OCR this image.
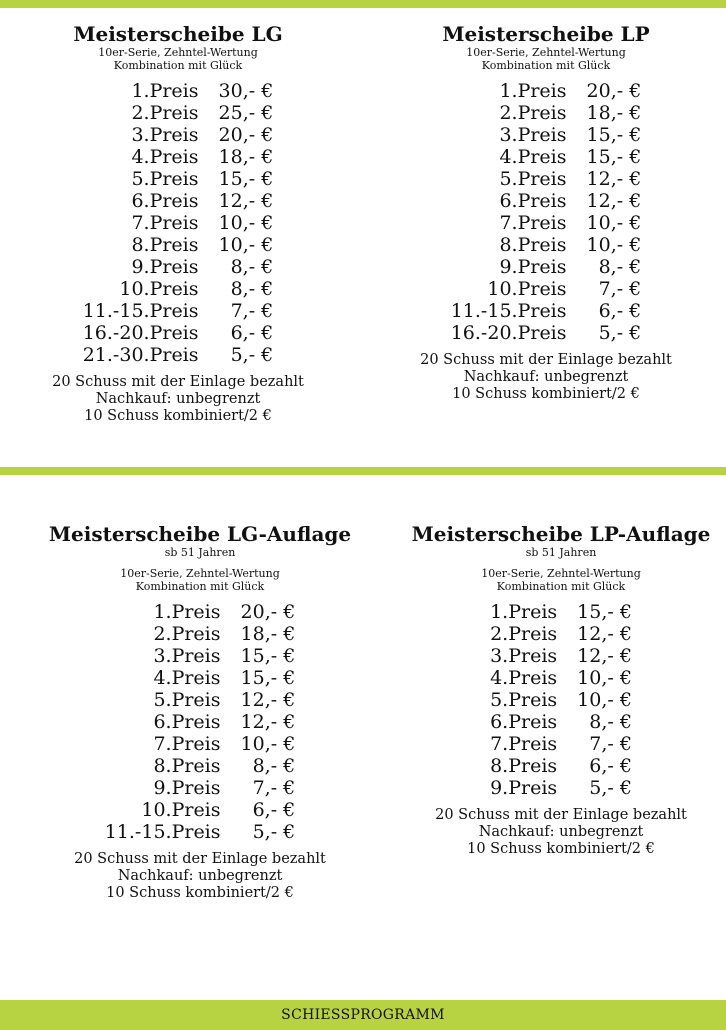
Meisterscheibe LG
10er-Serie, Zehntel-Wertung
Kombination mit Glück
1.Preis 30,- €
2.Preis 25,- €
3.Preis 20,- €
4.Preis 18,- €
5.Preis 15,- €
6.Preis 12,- €
7.Preis 10,- €
8.Preis 10,- €
9.Preis	8,- €
10.Preis	8,- €
11.-15.Preis	7,- €
16.-20.Preis	6,- €
21.-30.Preis	5,- €
20 Schuss mit der Einlage bezahlt
Nachkauf: unbegrenzt
10 Schuss kombiniert/2 €
Meisterscheibe LP
10er-Serie, Zehntel-Wertung
Kombination mit Glück
1.Preis 20,- €
2.Preis 18,- €
3.Preis 15,- €
4.Preis 15,- €
5.Preis 12,- €
6.Preis 12,- €
7.Preis 10,- €
8.Preis 10,- €
9.Preis	8,- €
10.Preis	7,- €
11.-15.Preis	6,- €
16.-20.Preis	5,- €
20 Schuss mit der Einlage bezahlt
Nachkauf: unbegrenzt
10 Schuss kombiniert/2 €
Meisterscheibe LG-Auflage
sb 51 Jahren
10er-Serie, Zehntel-Wertung
Kombination mit Glück
1.Preis 20,- €
2.Preis 18,- €
3.Preis 15,- €
4.Preis 15,- €
5.Preis 12,- €
6.Preis 12,- €
7.Preis 10,- €
8.Preis	8,- €
9.Preis	7,- €
10.Preis	6,- €
11.-15.Preis	5,- €
20 Schuss mit der Einlage bezahlt
Nachkauf: unbegrenzt
10 Schuss kombiniert/2 €
Meisterscheibe LP-Auflage
sb 51 Jahren
10er-Serie, Zehntel-Wertung
Kombination mit Glück
1.Preis 15,- €
2.Preis 12,- €
3.Preis 12,- €
4.Preis 10,- €
5.Preis 10,- €
6.Preis	8,- €
7.Preis	7,- €
8.Preis	6,- €
9.Preis	5,- €
20 Schuss mit der Einlage bezahlt
Nachkauf: unbegrenzt
10 Schuss kombiniert/2 €
SCHIESSPROGRAMM
